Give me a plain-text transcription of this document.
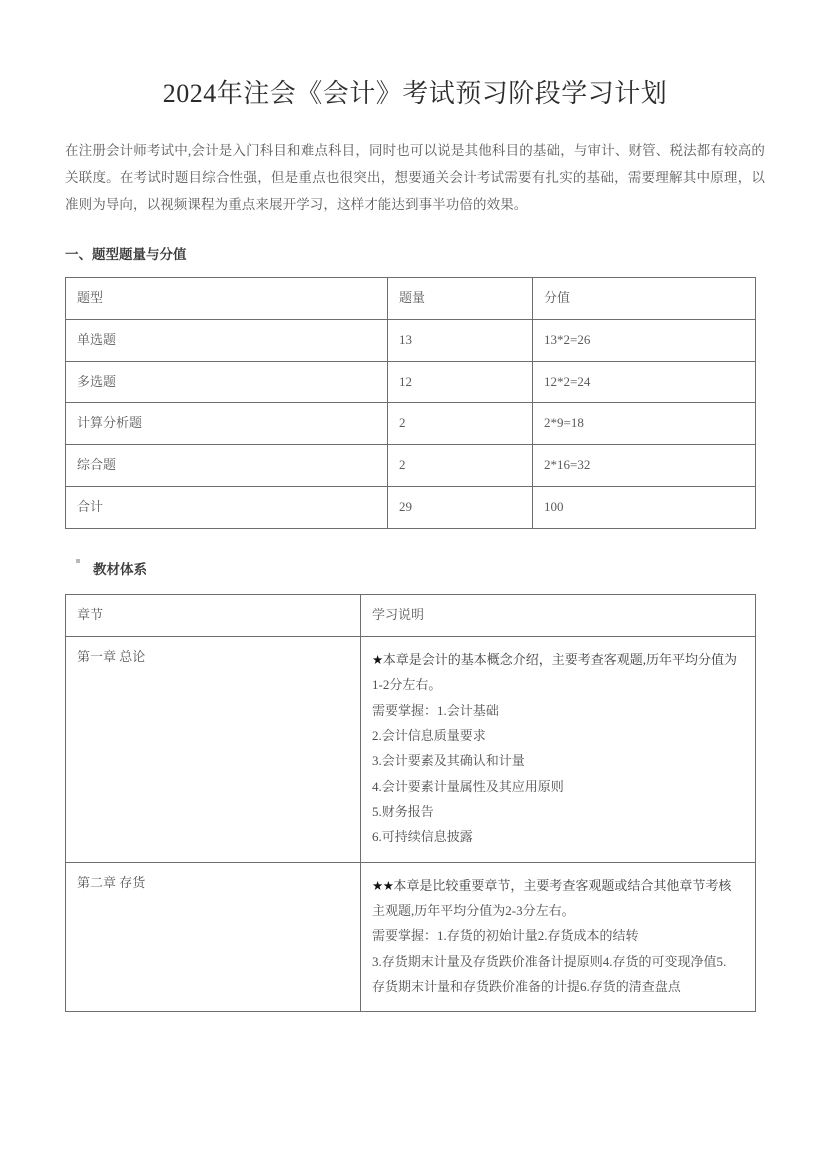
2024年注会《会计》考试预习阶段学习计划

在注册会计师考试中,会计是入门科目和难点科目，同时也可以说是其他科目的基础，与审计、财管、税法都有较高的关联度。在考试时题目综合性强，但是重点也很突出，想要通关会计考试需要有扎实的基础，需要理解其中原理，以准则为导向，以视频课程为重点来展开学习，这样才能达到事半功倍的效果。

一、题型题量与分值
题型	题量	分值
单选题	13	13*2=26
多选题	12	12*2=24
计算分析题	2	2*9=18
综合题	2	2*16=32
合计	29	100
教材体系
章节	学习说明
第一章 总论	★本章是会计的基本概念介绍，主要考查客观题,历年平均分值为
1-2分左右。
需要掌握：1.会计基础
2.会计信息质量要求
3.会计要素及其确认和计量
4.会计要素计量属性及其应用原则
5.财务报告
6.可持续信息披露

第二章 存货	★★本章是比较重要章节，主要考查客观题或结合其他章节考核
主观题,历年平均分值为2-3分左右。
需要掌握：1.存货的初始计量2.存货成本的结转
3.存货期末计量及存货跌价准备计提原则4.存货的可变现净值5.
存货期末计量和存货跌价准备的计提6.存货的清查盘点
